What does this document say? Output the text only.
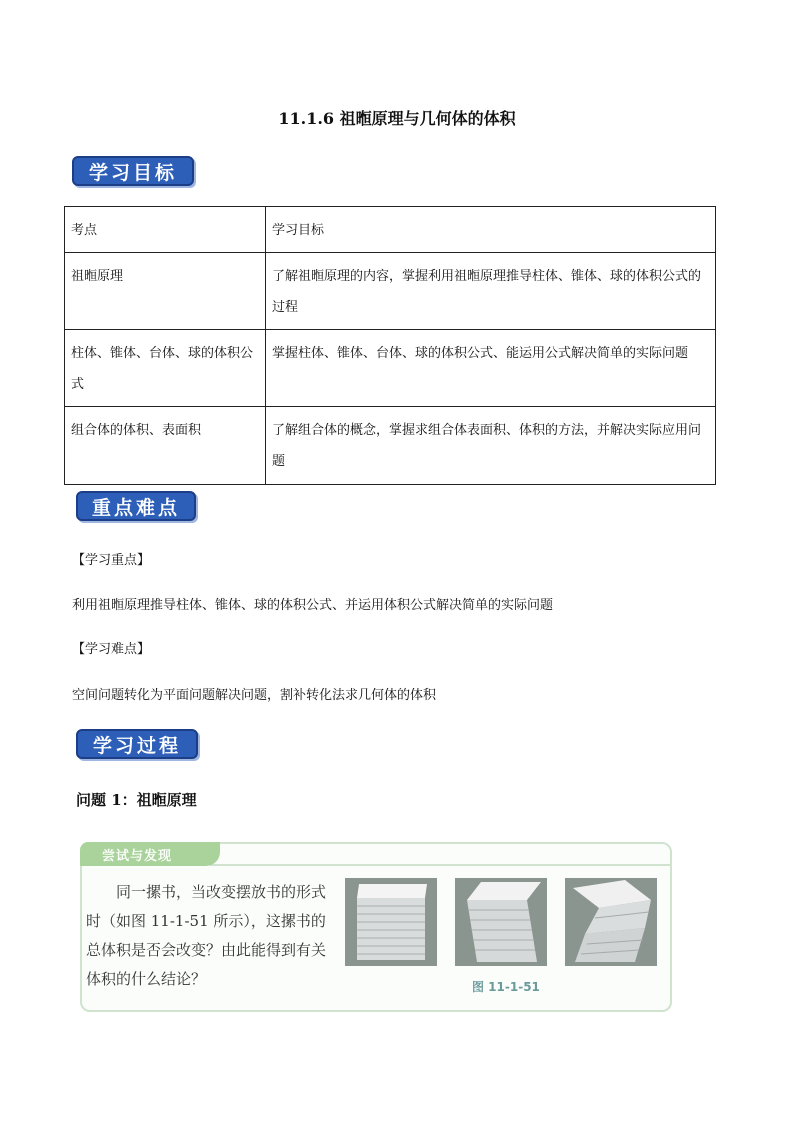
11.1.6 祖暅原理与几何体的体积
学习目标
考点	学习目标
祖暅原理	了解祖暅原理的内容，掌握利用祖暅原理推导柱体、锥体、球的体积公式的过程
柱体、锥体、台体、球的体积公式	掌握柱体、锥体、台体、球的体积公式、能运用公式解决简单的实际问题
组合体的体积、表面积	了解组合体的概念，掌握求组合体表面积、体积的方法，并解决实际应用问题
重点难点
【学习重点】
利用祖暅原理推导柱体、锥体、球的体积公式、并运用体积公式解决简单的实际问题
【学习难点】
空间问题转化为平面问题解决问题，割补转化法求几何体的体积
学习过程
问题 1：祖暅原理
尝试与发现
同一摞书，当改变摆放书的形式时（如图 11-1-51 所示），这摞书的总体积是否会改变？由此能得到有关体积的什么结论？	图 11-1-51
